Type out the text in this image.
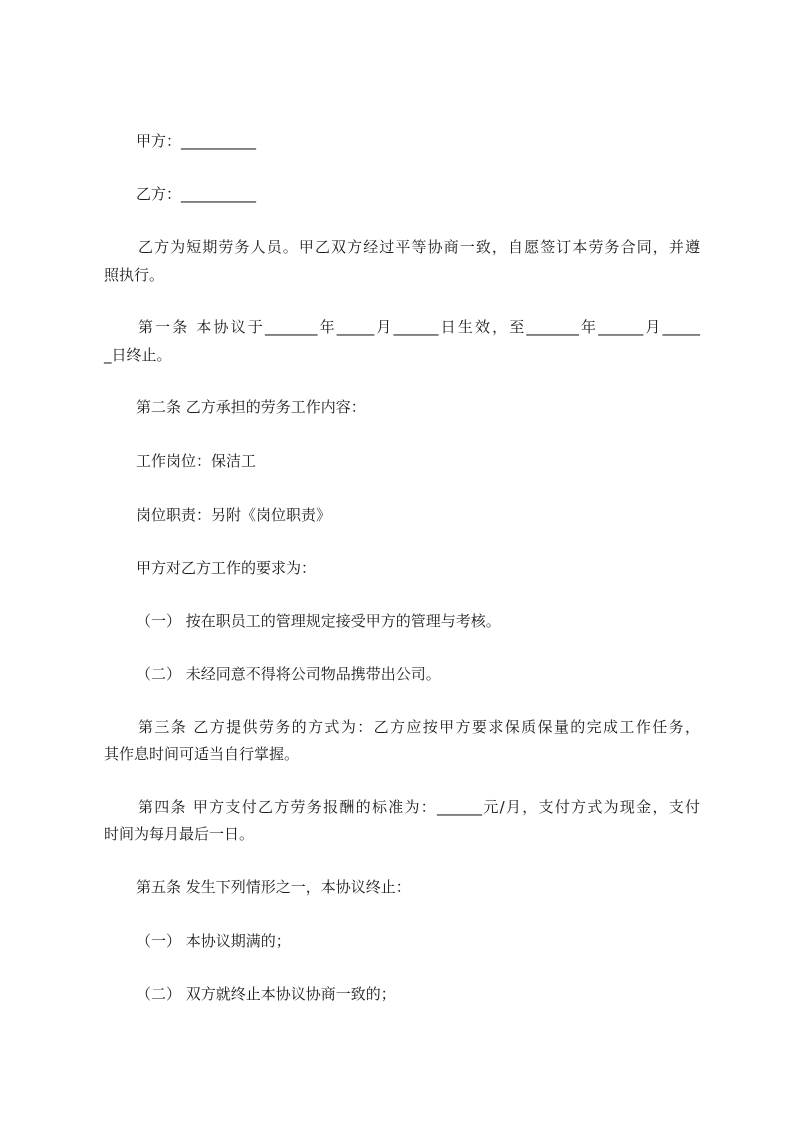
甲方：__________

乙方：__________

乙方为短期劳务人员。甲乙双方经过平等协商一致，自愿签订本劳务合同，并遵

照执行。

第一条 本协议于_______年_____月______日生效，至_______年______月_____

_日终止。

第二条 乙方承担的劳务工作内容：

工作岗位：保洁工

岗位职责：另附《岗位职责》

甲方对乙方工作的要求为：

（一） 按在职员工的管理规定接受甲方的管理与考核。

（二） 未经同意不得将公司物品携带出公司。

第三条 乙方提供劳务的方式为：乙方应按甲方要求保质保量的完成工作任务，

其作息时间可适当自行掌握。

第四条 甲方支付乙方劳务报酬的标准为：______元/月，支付方式为现金，支付

时间为每月最后一日。

第五条 发生下列情形之一，本协议终止：

（一） 本协议期满的；

（二） 双方就终止本协议协商一致的；
